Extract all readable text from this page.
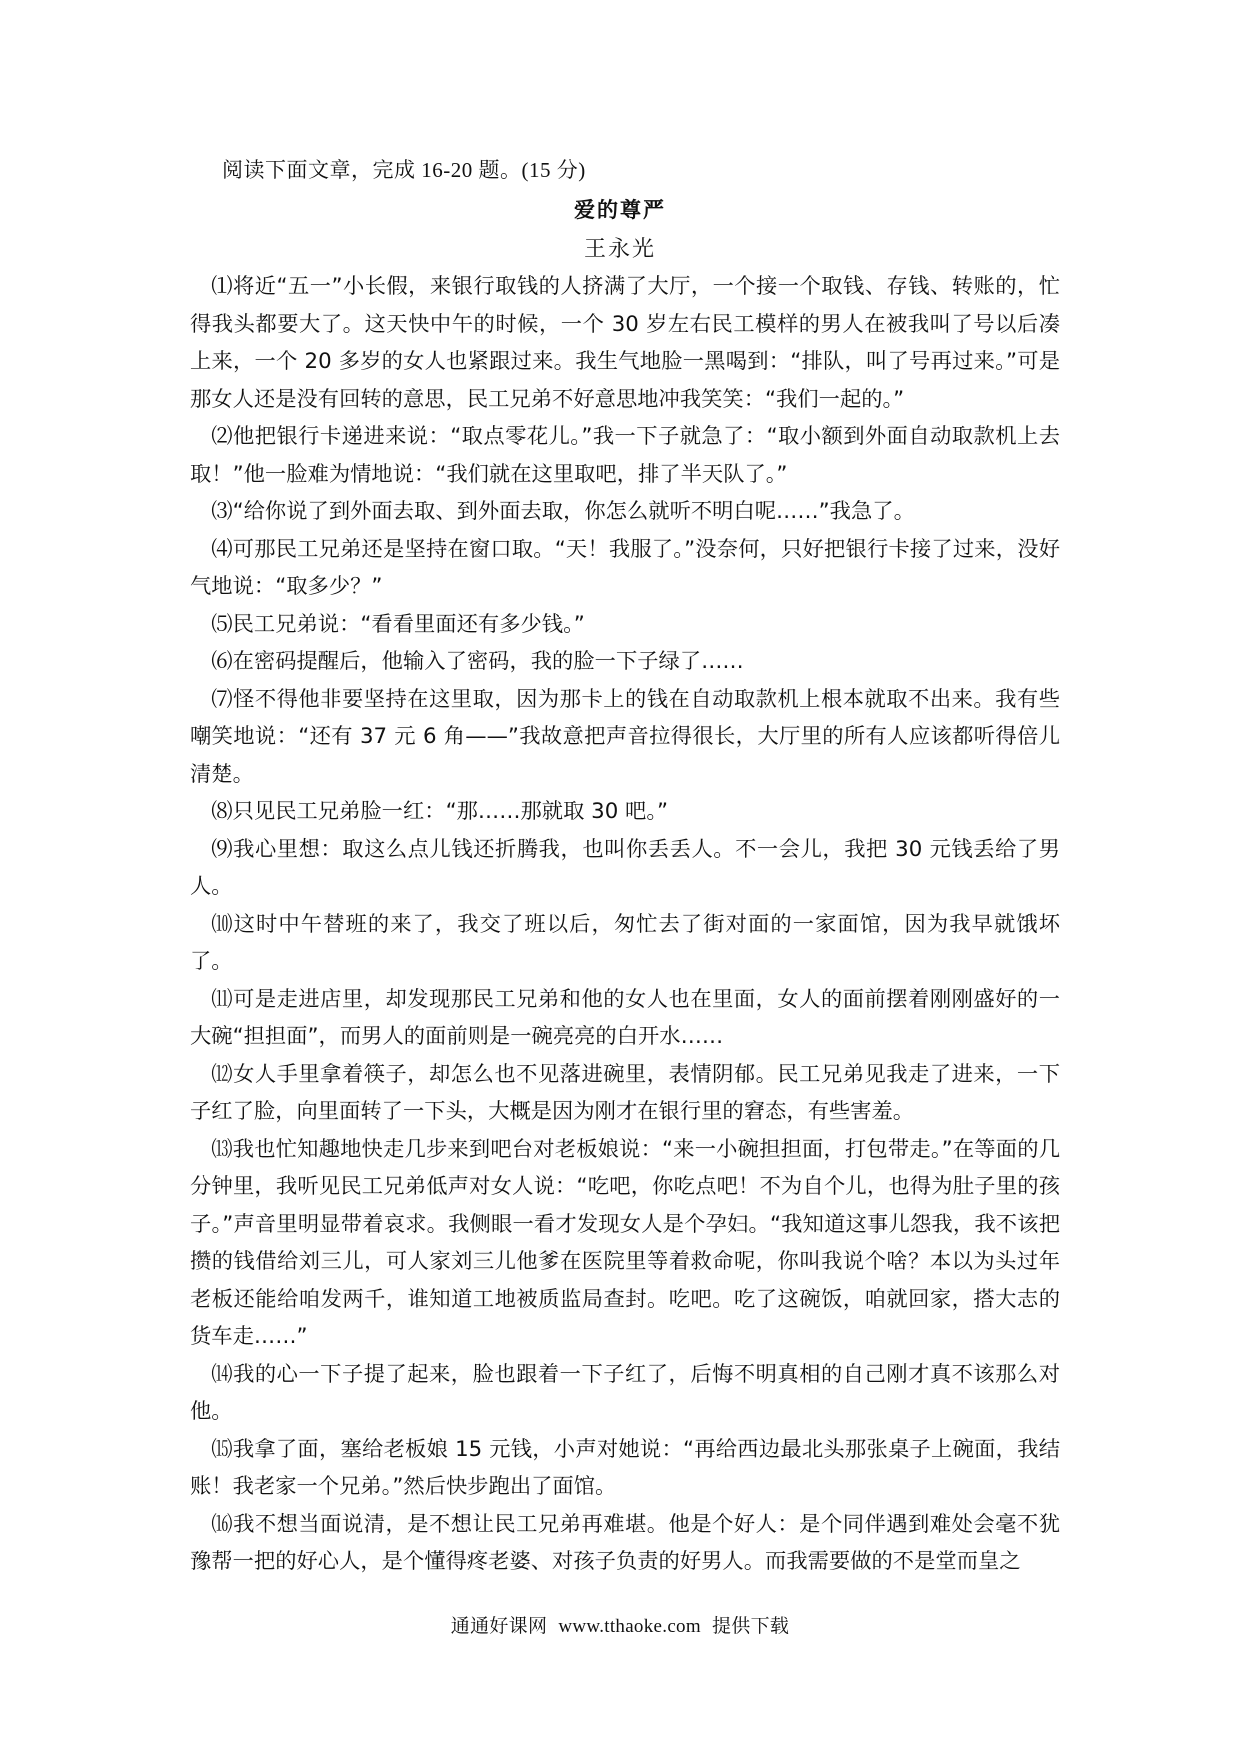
阅读下面文章，完成 16-20 题。(15 分)
爱的尊严
王永光

⑴将近“五一”小长假，来银行取钱的人挤满了大厅，一个接一个取钱、存钱、转账的，忙得我头都要大了。这天快中午的时候，一个 30 岁左右民工模样的男人在被我叫了号以后凑上来，一个 20 多岁的女人也紧跟过来。我生气地脸一黑喝到：“排队，叫了号再过来。”可是那女人还是没有回转的意思，民工兄弟不好意思地冲我笑笑：“我们一起的。”

⑵他把银行卡递进来说：“取点零花儿。”我一下子就急了：“取小额到外面自动取款机上去取！”他一脸难为情地说：“我们就在这里取吧，排了半天队了。”

⑶“给你说了到外面去取、到外面去取，你怎么就听不明白呢……”我急了。

⑷可那民工兄弟还是坚持在窗口取。“天！我服了。”没奈何，只好把银行卡接了过来，没好气地说：“取多少？”

⑸民工兄弟说：“看看里面还有多少钱。”

⑹在密码提醒后，他输入了密码，我的脸一下子绿了……

⑺怪不得他非要坚持在这里取，因为那卡上的钱在自动取款机上根本就取不出来。我有些嘲笑地说：“还有 37 元 6 角——”我故意把声音拉得很长，大厅里的所有人应该都听得倍儿清楚。

⑻只见民工兄弟脸一红：“那……那就取 30 吧。”

⑼我心里想：取这么点儿钱还折腾我，也叫你丢丢人。不一会儿，我把 30 元钱丢给了男人。

⑽这时中午替班的来了，我交了班以后，匆忙去了街对面的一家面馆，因为我早就饿坏了。

⑾可是走进店里，却发现那民工兄弟和他的女人也在里面，女人的面前摆着刚刚盛好的一大碗“担担面”，而男人的面前则是一碗亮亮的白开水……

⑿女人手里拿着筷子，却怎么也不见落进碗里，表情阴郁。民工兄弟见我走了进来，一下子红了脸，向里面转了一下头，大概是因为刚才在银行里的窘态，有些害羞。

⒀我也忙知趣地快走几步来到吧台对老板娘说：“来一小碗担担面，打包带走。”在等面的几分钟里，我听见民工兄弟低声对女人说：“吃吧，你吃点吧！不为自个儿，也得为肚子里的孩子。”声音里明显带着哀求。我侧眼一看才发现女人是个孕妇。“我知道这事儿怨我，我不该把攒的钱借给刘三儿，可人家刘三儿他爹在医院里等着救命呢，你叫我说个啥？本以为头过年老板还能给咱发两千，谁知道工地被质监局查封。吃吧。吃了这碗饭，咱就回家，搭大志的货车走……”

⒁我的心一下子提了起来，脸也跟着一下子红了，后悔不明真相的自己刚才真不该那么对他。

⒂我拿了面，塞给老板娘 15 元钱，小声对她说：“再给西边最北头那张桌子上碗面，我结账！我老家一个兄弟。”然后快步跑出了面馆。

⒃我不想当面说清，是不想让民工兄弟再难堪。他是个好人：是个同伴遇到难处会毫不犹豫帮一把的好心人，是个懂得疼老婆、对孩子负责的好男人。而我需要做的不是堂而皇之

通通好课网 www.tthaoke.com 提供下载
